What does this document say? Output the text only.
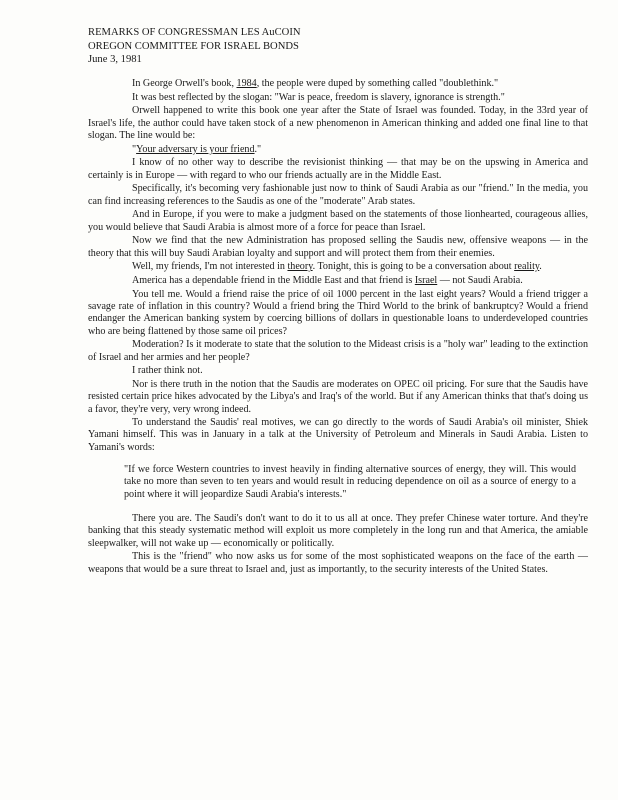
REMARKS OF CONGRESSMAN LES AuCOIN
OREGON COMMITTEE FOR ISRAEL BONDS
June 3, 1981

In George Orwell's book, 1984, the people were duped by something called "doublethink."

It was best reflected by the slogan: "War is peace, freedom is slavery, ignorance is strength."

Orwell happened to write this book one year after the State of Israel was founded. Today, in the 33rd year of Israel's life, the author could have taken stock of a new phenomenon in American thinking and added one final line to that slogan. The line would be:

"Your adversary is your friend."

I know of no other way to describe the revisionist thinking — that may be on the upswing in America and certainly is in Europe — with regard to who our friends actually are in the Middle East.

Specifically, it's becoming very fashionable just now to think of Saudi Arabia as our "friend." In the media, you can find increasing references to the Saudis as one of the "moderate" Arab states.

And in Europe, if you were to make a judgment based on the statements of those lionhearted, courageous allies, you would believe that Saudi Arabia is almost more of a force for peace than Israel.

Now we find that the new Administration has proposed selling the Saudis new, offensive weapons — in the theory that this will buy Saudi Arabian loyalty and support and will protect them from their enemies.

Well, my friends, I'm not interested in theory. Tonight, this is going to be a conversation about reality.

America has a dependable friend in the Middle East and that friend is Israel — not Saudi Arabia.

You tell me. Would a friend raise the price of oil 1000 percent in the last eight years? Would a friend trigger a savage rate of inflation in this country? Would a friend bring the Third World to the brink of bankruptcy? Would a friend endanger the American banking system by coercing billions of dollars in questionable loans to underdeveloped countries who are being flattened by those same oil prices?

Moderation? Is it moderate to state that the solution to the Mideast crisis is a "holy war" leading to the extinction of Israel and her armies and her people?

I rather think not.

Nor is there truth in the notion that the Saudis are moderates on OPEC oil pricing. For sure that the Saudis have resisted certain price hikes advocated by the Libya's and Iraq's of the world. But if any American thinks that that's doing us a favor, they're very, very wrong indeed.

To understand the Saudis' real motives, we can go directly to the words of Saudi Arabia's oil minister, Shiek Yamani himself. This was in January in a talk at the University of Petroleum and Minerals in Saudi Arabia. Listen to Yamani's words:

"If we force Western countries to invest heavily in finding alternative sources of energy, they will. This would take no more than seven to ten years and would result in reducing dependence on oil as a source of energy to a point where it will jeopardize Saudi Arabia's interests."

There you are. The Saudi's don't want to do it to us all at once. They prefer Chinese water torture. And they're banking that this steady systematic method will exploit us more completely in the long run and that America, the amiable sleepwalker, will not wake up — economically or politically.

This is the "friend" who now asks us for some of the most sophisticated weapons on the face of the earth — weapons that would be a sure threat to Israel and, just as importantly, to the security interests of the United States.
